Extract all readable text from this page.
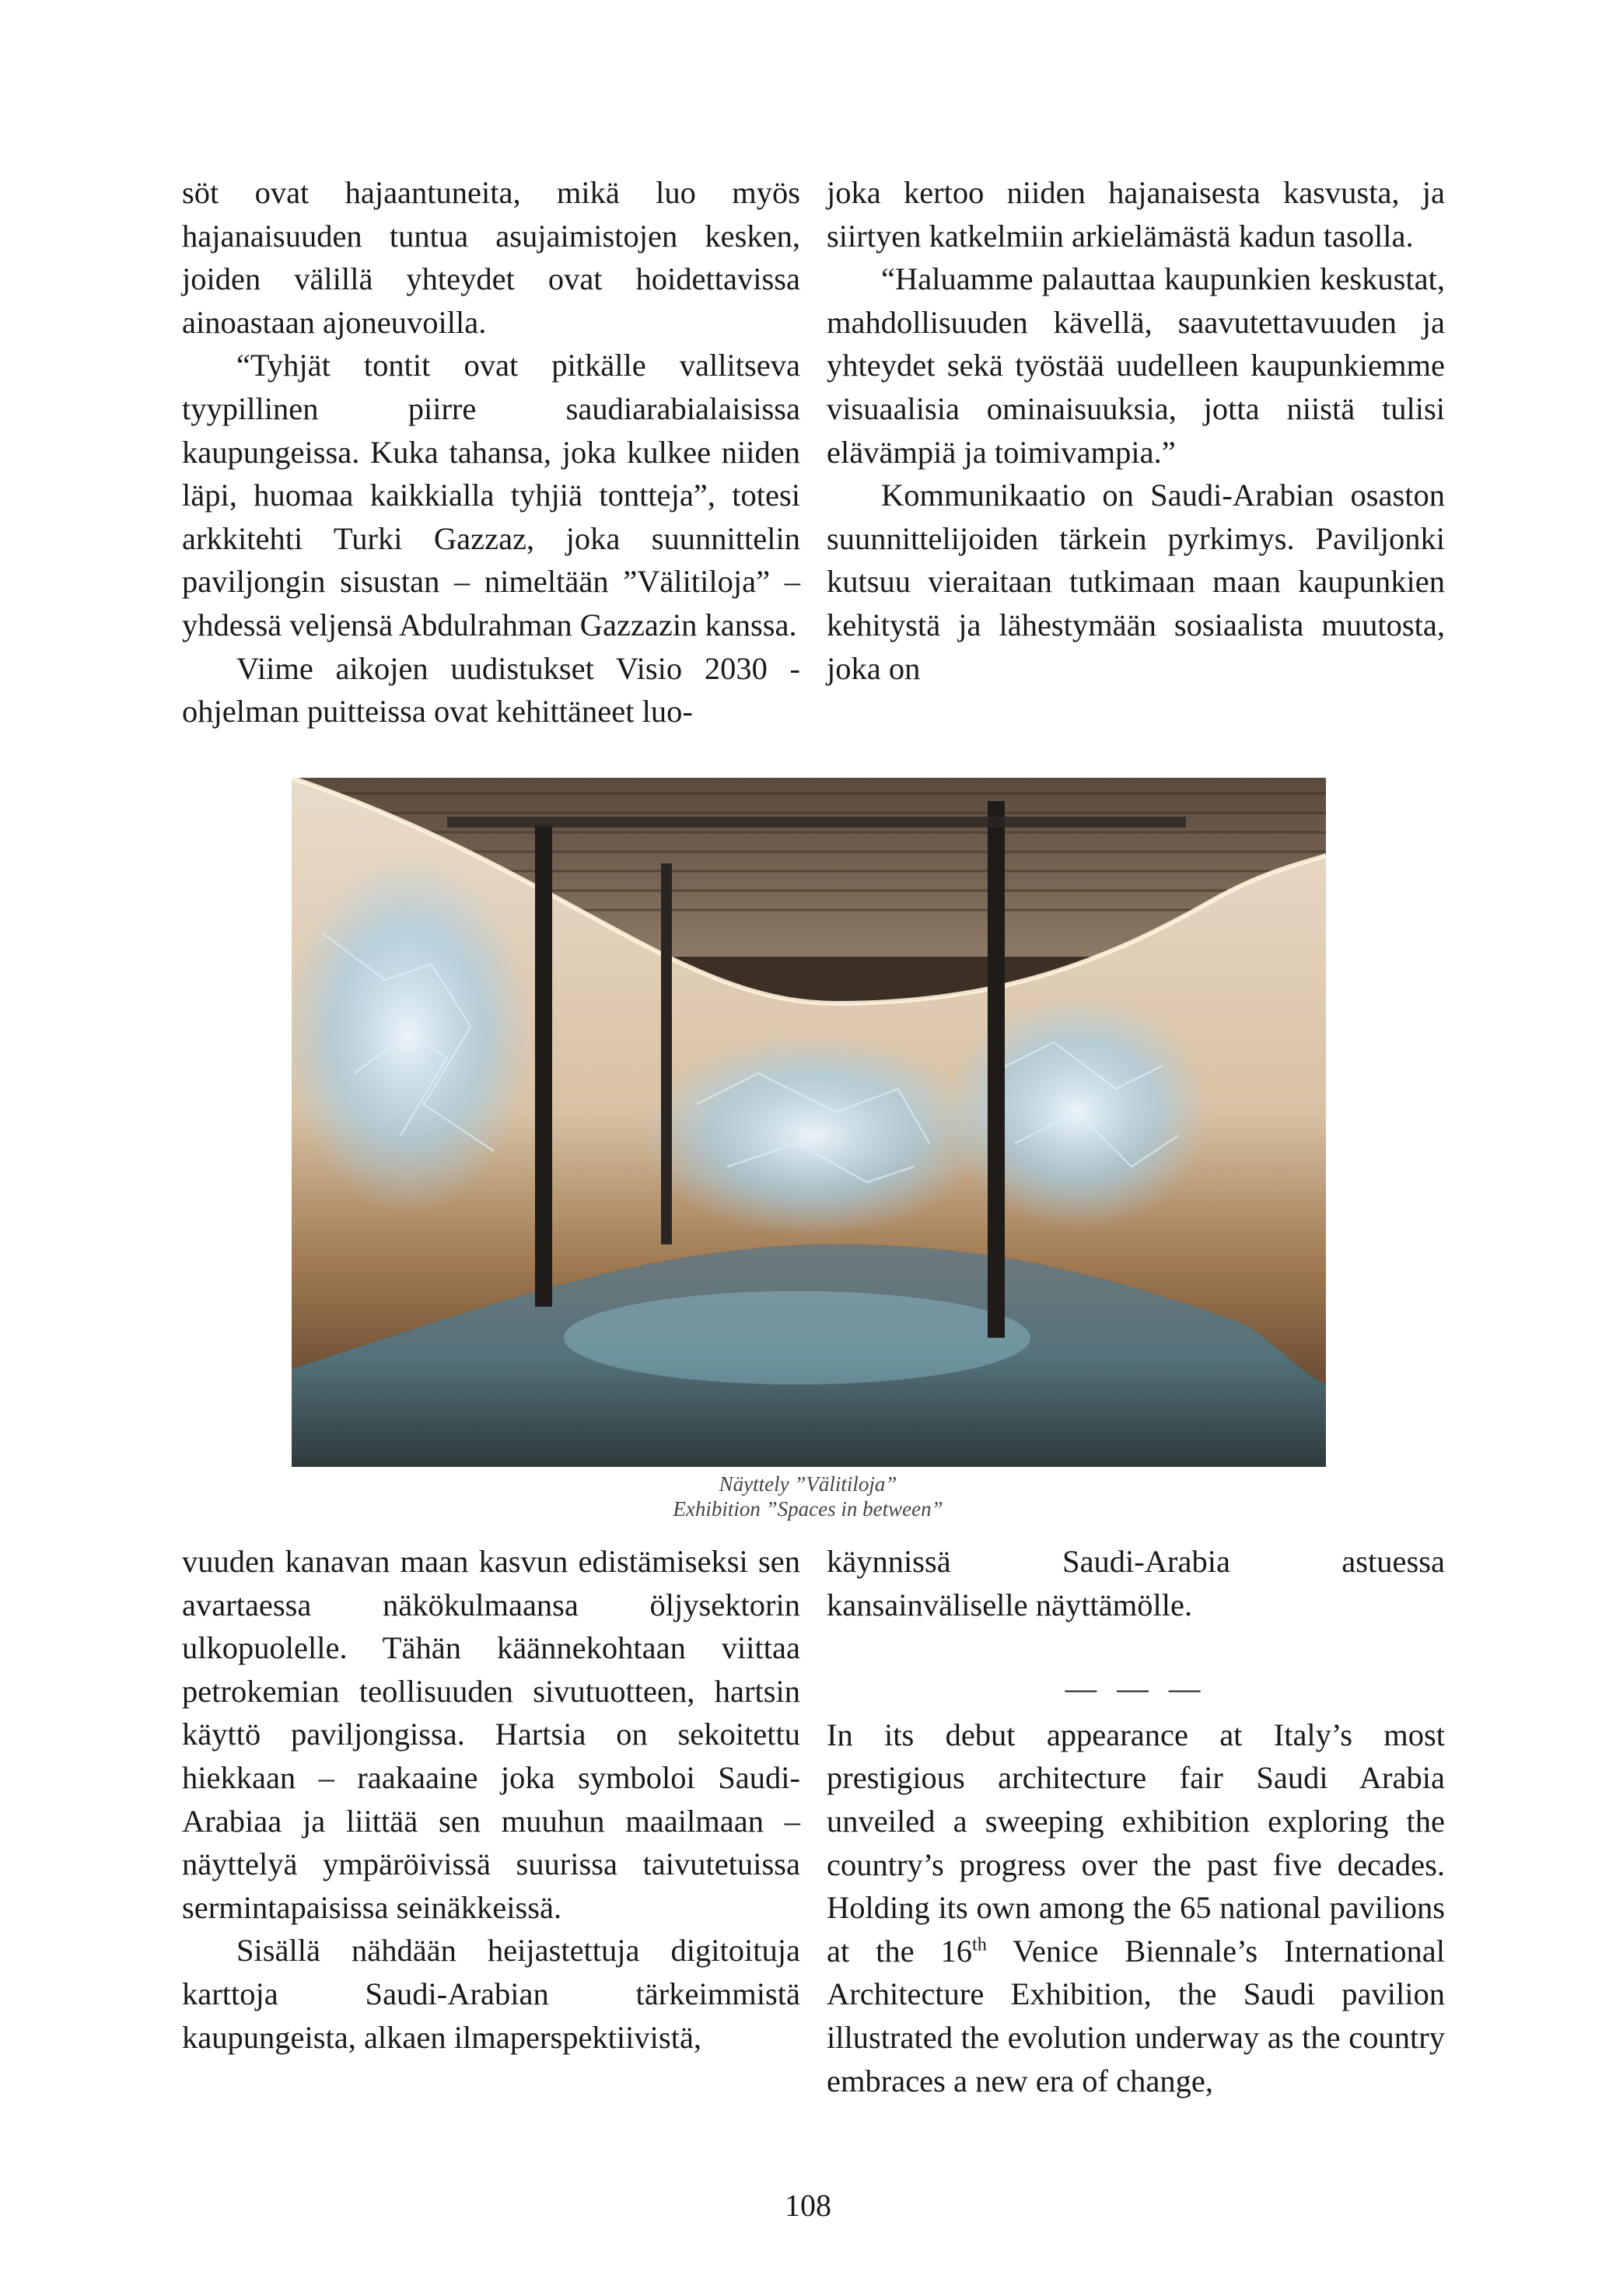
söt ovat hajaantuneita, mikä luo myös hajanaisuuden tuntua asujaimistojen kesken, joiden välillä yhteydet ovat hoidettavissa ainoastaan ajoneuvoilla.

“Tyhjät tontit ovat pitkälle vallitseva tyypillinen piirre saudiarabialaisissa kaupungeissa. Kuka tahansa, joka kulkee niiden läpi, huomaa kaikkialla tyhjiä tontteja”, totesi arkkitehti Turki Gazzaz, joka suunnittelin paviljongin sisustan – nimeltään ”Välitiloja” – yhdessä veljensä Abdulrahman Gazzazin kanssa.

Viime aikojen uudistukset Visio 2030 -ohjelman puitteissa ovat kehittäneet luo-

joka kertoo niiden hajanaisesta kasvusta, ja siirtyen katkelmiin arkielämästä kadun tasolla.

“Haluamme palauttaa kaupunkien keskustat, mahdollisuuden kävellä, saavutettavuuden ja yhteydet sekä työstää uudelleen kaupunkiemme visuaalisia ominaisuuksia, jotta niistä tulisi elävämpiä ja toimivampia.”

Kommunikaatio on Saudi-Arabian osaston suunnittelijoiden tärkein pyrkimys. Paviljonki kutsuu vieraitaan tutkimaan maan kaupunkien kehitystä ja lähestymään sosiaalista muutosta, joka on

Näyttely ”Välitiloja”
Exhibition ”Spaces in between”

vuuden kanavan maan kasvun edistämiseksi sen avartaessa näkökulmaansa öljysektorin ulkopuolelle. Tähän käännekohtaan viittaa petrokemian teollisuuden sivutuotteen, hartsin käyttö paviljongissa. Hartsia on sekoitettu hiekkaan – raakaaine joka symboloi Saudi-Arabiaa ja liittää sen muuhun maailmaan – näyttelyä ympäröivissä suurissa taivutetuissa sermintapaisissa seinäkkeissä.

Sisällä nähdään heijastettuja digitoituja karttoja Saudi-Arabian tärkeimmistä kaupungeista, alkaen ilmaperspektiivistä,

käynnissä Saudi-Arabia astuessa kansainväliselle näyttämölle.

— — —

In its debut appearance at Italy’s most prestigious architecture fair Saudi Arabia unveiled a sweeping exhibition exploring the country’s progress over the past five decades. Holding its own among the 65 national pavilions at the 16th Venice Biennale’s International Architecture Exhibition, the Saudi pavilion illustrated the evolution underway as the country embraces a new era of change,

108
